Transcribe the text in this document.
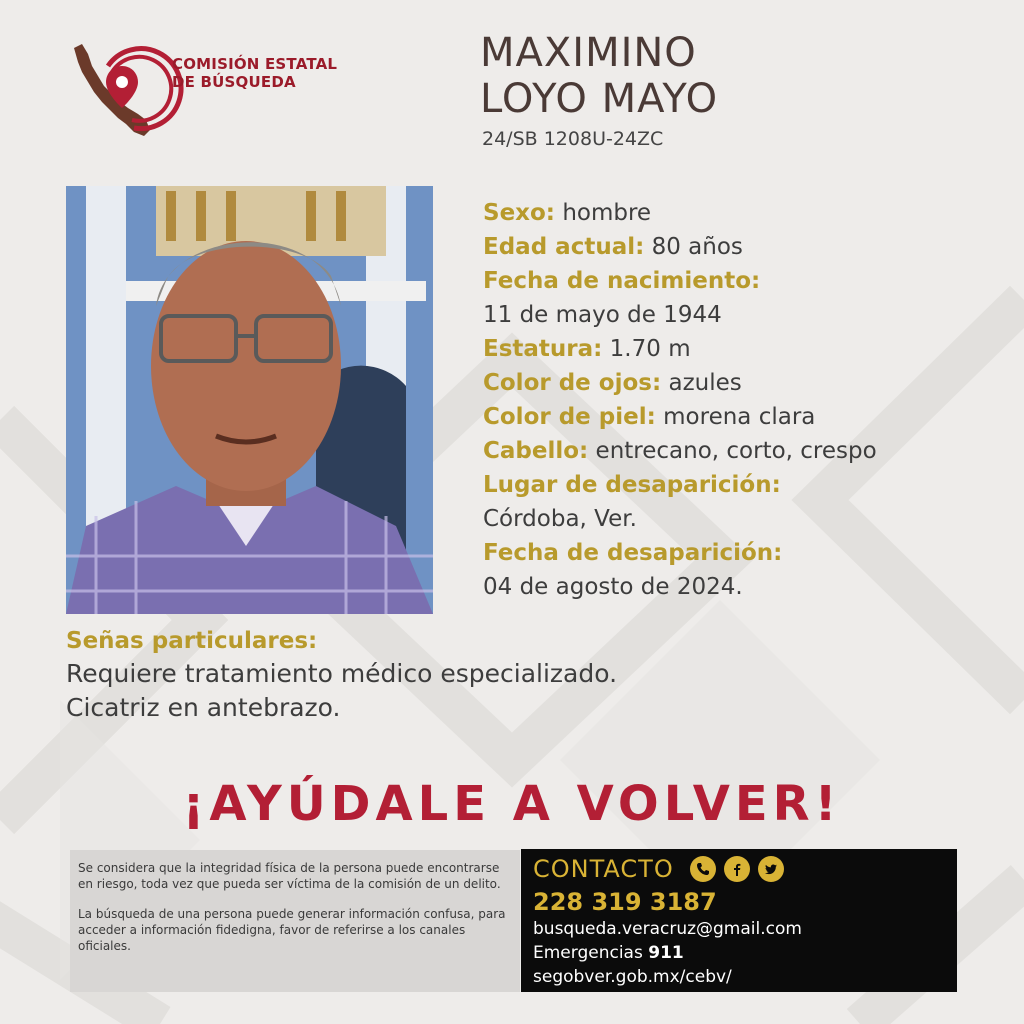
COMISIÓN ESTATAL
DE BÚSQUEDA
MAXIMINO
LOYO MAYO
24/SB 1208U-24ZC
Sexo: hombre
Edad actual: 80 años
Fecha de nacimiento:
11 de mayo de 1944
Estatura: 1.70 m
Color de ojos: azules
Color de piel: morena clara
Cabello: entrecano, corto, crespo
Lugar de desaparición:
Córdoba, Ver.
Fecha de desaparición:
04 de agosto de 2024.
Señas particulares:
Requiere tratamiento médico especializado.
Cicatriz en antebrazo.
¡AYÚDALE A VOLVER!

Se considera que la integridad física de la persona puede encontrarse en riesgo, toda vez que pueda ser víctima de la comisión de un delito.

La búsqueda de una persona puede generar información confusa, para acceder a información fidedigna, favor de referirse a los canales oficiales.

CONTACTO
228 319 3187
busqueda.veracruz@gmail.com
Emergencias 911
segobver.gob.mx/cebv/
